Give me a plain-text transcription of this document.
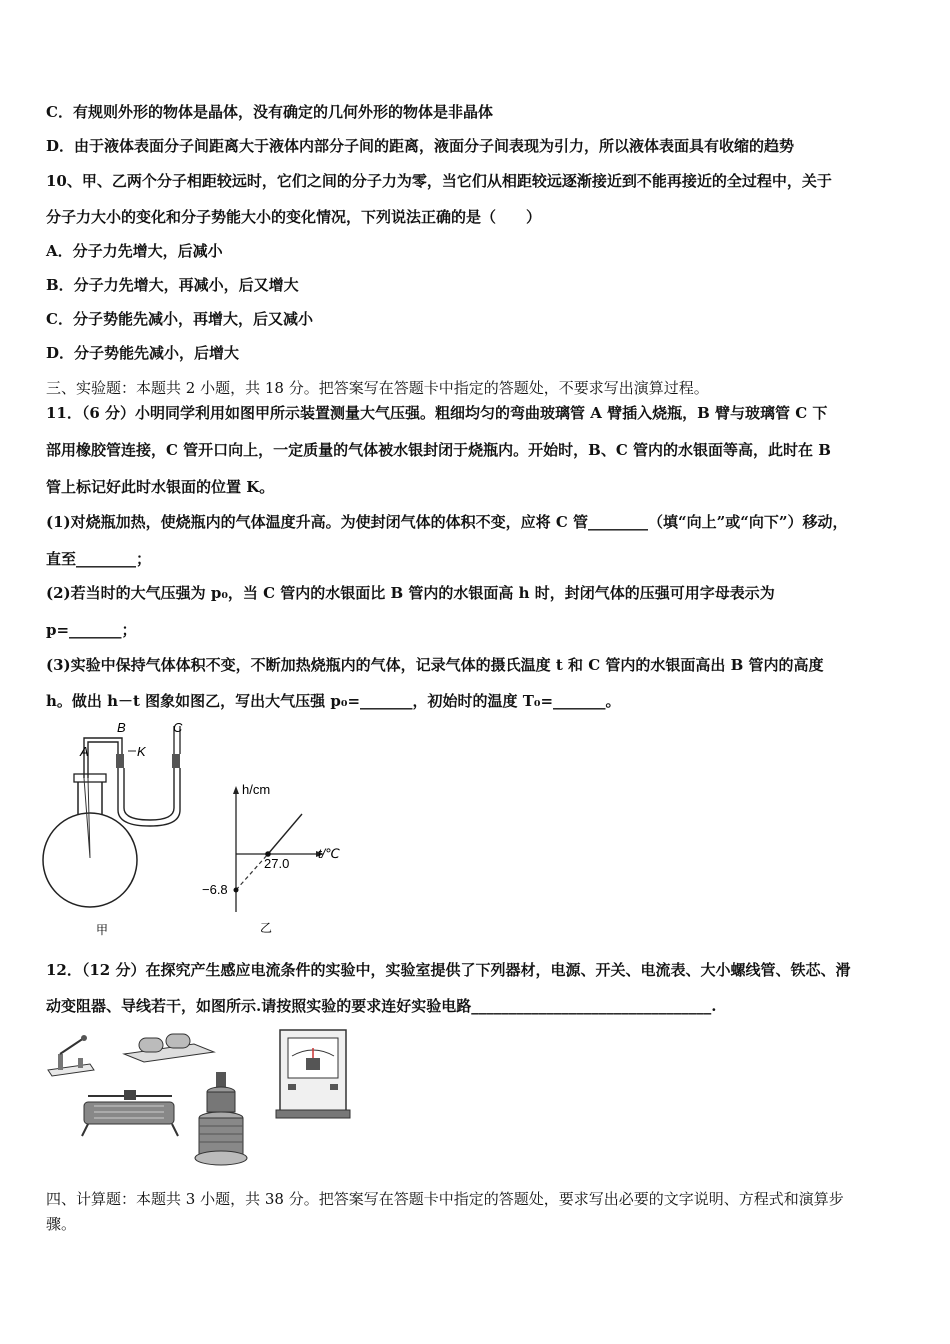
C．有规则外形的物体是晶体，没有确定的几何外形的物体是非晶体
D．由于液体表面分子间距离大于液体内部分子间的距离，液面分子间表现为引力，所以液体表面具有收缩的趋势
10、甲、乙两个分子相距较远时，它们之间的分子力为零，当它们从相距较远逐渐接近到不能再接近的全过程中，关于
分子力大小的变化和分子势能大小的变化情况，下列说法正确的是（　　）
A．分子力先增大，后减小
B．分子力先增大，再减小，后又增大
C．分子势能先减小，再增大，后又减小
D．分子势能先减小，后增大
三、实验题：本题共 2 小题，共 18 分。把答案写在答题卡中指定的答题处，不要求写出演算过程。
11．（6 分）小明同学利用如图甲所示装置测量大气压强。粗细均匀的弯曲玻璃管 A 臂插入烧瓶，B 臂与玻璃管 C 下
部用橡胶管连接，C 管开口向上，一定质量的气体被水银封闭于烧瓶内。开始时，B、C 管内的水银面等高，此时在 B
管上标记好此时水银面的位置 K。
(1)对烧瓶加热，使烧瓶内的气体温度升高。为使封闭气体的体积不变，应将 C 管________（填“向上”或“向下”）移动，
直至________；
(2)若当时的大气压强为 p₀，当 C 管内的水银面比 B 管内的水银面高 h 时，封闭气体的压强可用字母表示为
p=_______；
(3)实验中保持气体体积不变，不断加热烧瓶内的气体，记录气体的摄氏温度 t 和 C 管内的水银面高出 B 管内的高度
h。做出 h－t 图象如图乙，写出大气压强 p₀=_______，初始时的温度 T₀=_______。
A
B	C
K
甲
h/cm
t/℃
27.0
−6.8
乙
12．（12 分）在探究产生感应电流条件的实验中，实验室提供了下列器材，电源、开关、电流表、大小螺线管、铁芯、滑
动变阻器、导线若干，如图所示.请按照实验的要求连好实验电路________________________________.
四、计算题：本题共 3 小题，共 38 分。把答案写在答题卡中指定的答题处，要求写出必要的文字说明、方程式和演算步
骤。
